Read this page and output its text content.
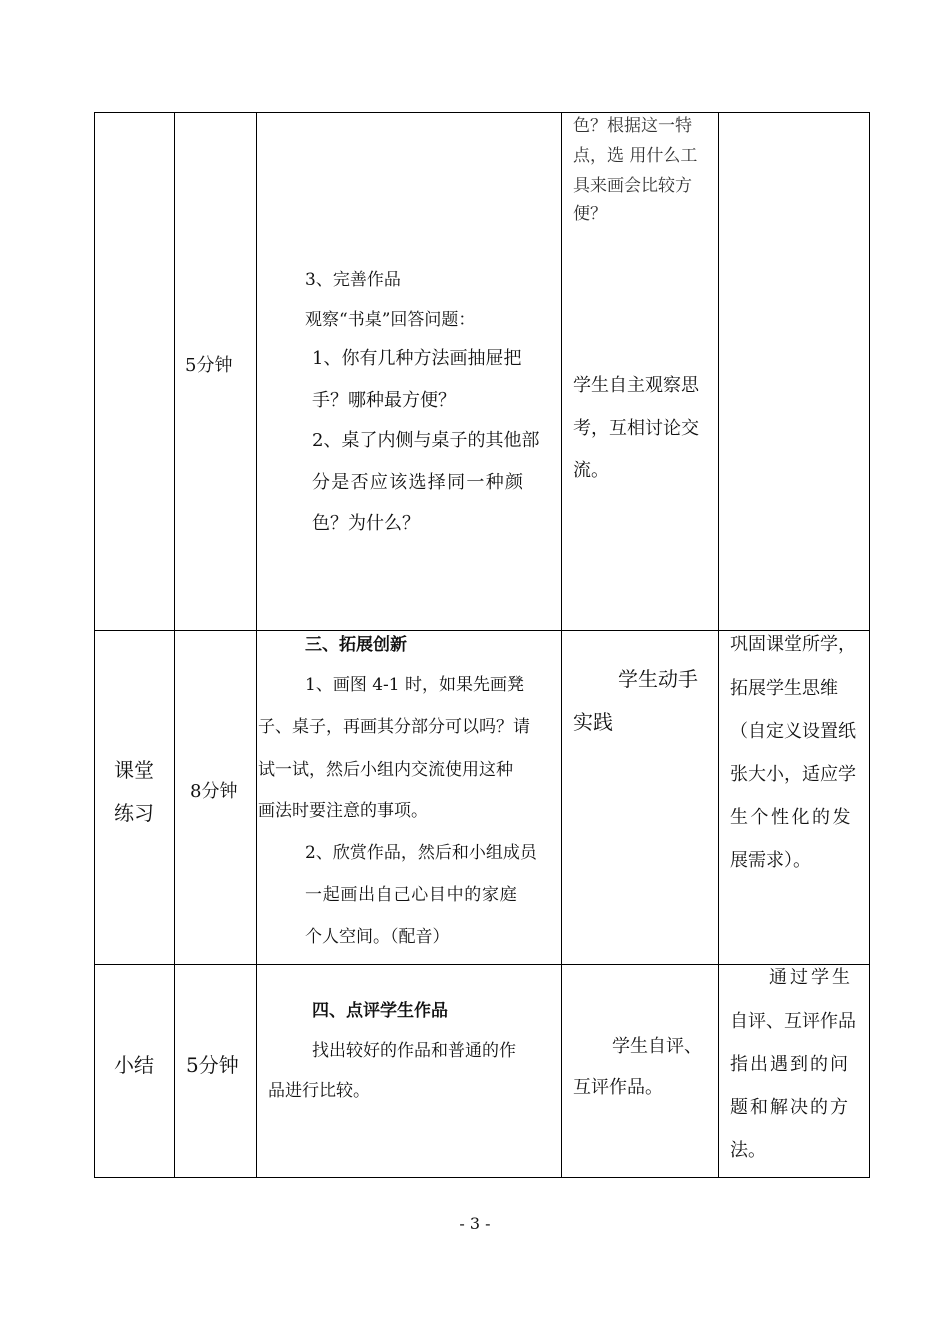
5分钟
3、完善作品
观察“书桌”回答问题：
1、你有几种方法画抽屉把
手？哪种最方便？
2、桌了内侧与桌子的其他部
分是否应该选择同一种颜
色？为什么？
色？根据这一特
点，选 用什么工
具来画会比较方
便？
学生自主观察思
考，互相讨论交
流。
课堂
练习
8分钟
三、拓展创新
1、画图 4-1 时，如果先画凳
子、桌子，再画其分部分可以吗？请
试一试，然后小组内交流使用这种
画法时要注意的事项。
2、欣赏作品，然后和小组成员
一起画出自己心目中的家庭
个人空间。（配音）
学生动手
实践
巩固课堂所学，
拓展学生思维
（自定义设置纸
张大小，适应学
生个性化的发
展需求）。
小结 5分钟
四、点评学生作品
找出较好的作品和普通的作
品进行比较。
学生自评、
互评作品。
通过学生
自评、互评作品
指出遇到的问
题和解决的方
法。
- 3 -
